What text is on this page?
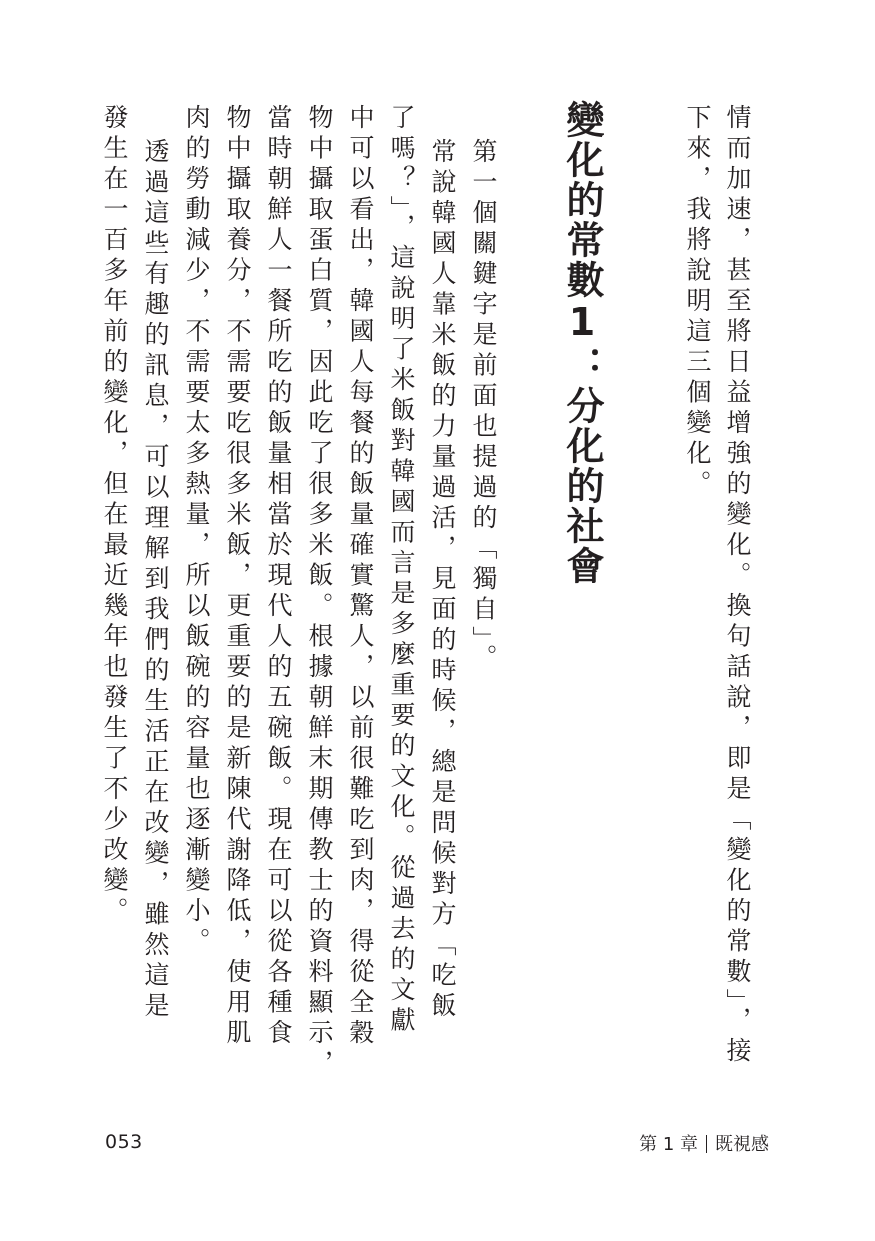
情而加速，甚至將日益增強的變化。換句話說，即是「變化的常數」，接

下來，我將說明這三個變化。

變化的常數1：分化的社會

第一個關鍵字是前面也提過的「獨自」。

常說韓國人靠米飯的力量過活，見面的時候，總是問候對方「吃飯

了嗎？」，這說明了米飯對韓國而言是多麼重要的文化。從過去的文獻

中可以看出，韓國人每餐的飯量確實驚人，以前很難吃到肉，得從全穀

物中攝取蛋白質，因此吃了很多米飯。根據朝鮮末期傳教士的資料顯示，

當時朝鮮人一餐所吃的飯量相當於現代人的五碗飯。現在可以從各種食

物中攝取養分，不需要吃很多米飯，更重要的是新陳代謝降低，使用肌

肉的勞動減少，不需要太多熱量，所以飯碗的容量也逐漸變小。

透過這些有趣的訊息，可以理解到我們的生活正在改變，雖然這是

發生在一百多年前的變化，但在最近幾年也發生了不少改變。

053	第 1 章 既視感
